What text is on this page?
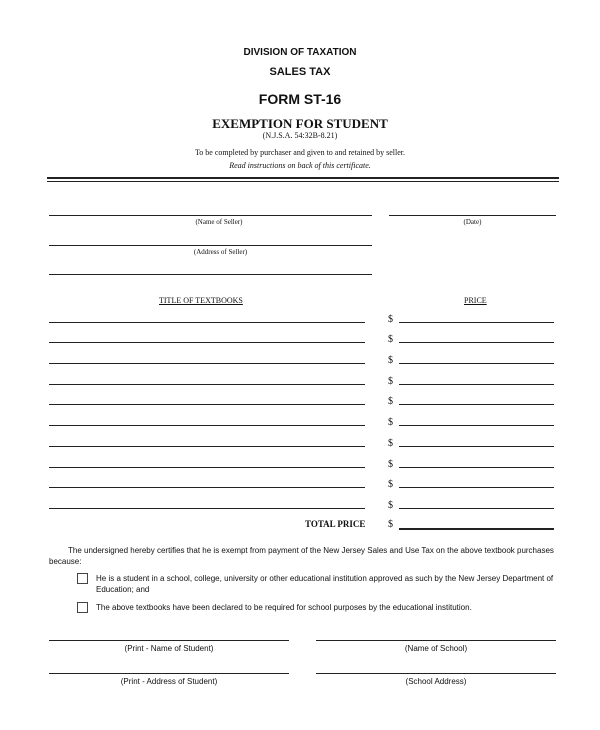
DIVISION OF TAXATION
SALES TAX
FORM ST-16
EXEMPTION FOR STUDENT
(N.J.S.A. 54:32B-8.21)
To be completed by purchaser and given to and retained by seller.
Read instructions on back of this certificate.
(Name of Seller)	(Date)
(Address of Seller)
TITLE OF TEXTBOOKS	PRICE
$
$
$
$
$
$
$
$
$
$
TOTAL PRICE $
The undersigned hereby certifies that he is exempt from payment of the New Jersey Sales and Use Tax on the above textbook purchases because:
He is a student in a school, college, university or other educational institution approved as such by the New Jersey Department of Education; and
The above textbooks have been declared to be required for school purposes by the educational institution.
(Print - Name of Student)	(Name of School)
(Print - Address of Student)	(School Address)
